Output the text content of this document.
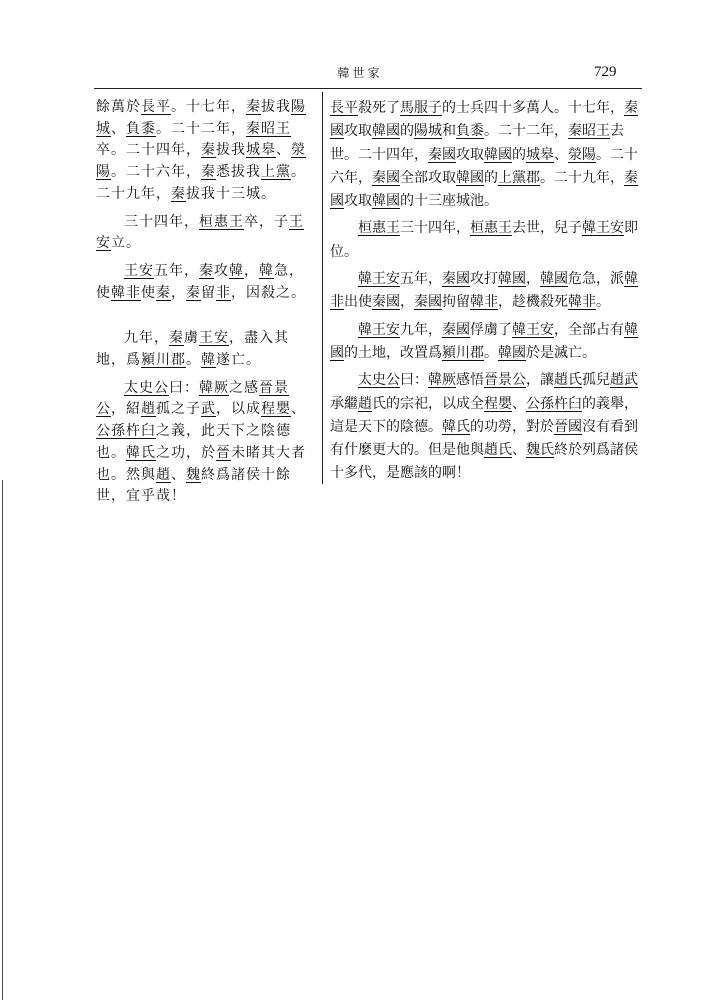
韓世家	729

餘萬於長平。十七年，秦拔我陽城、負黍。二十二年，秦昭王卒。二十四年，秦拔我城皋、滎陽。二十六年，秦悉拔我上黨。二十九年，秦拔我十三城。

三十四年，桓惠王卒，子王安立。

王安五年，秦攻韓，韓急，使韓非使秦，秦留非，因殺之。

九年，秦虜王安，盡入其地，爲潁川郡。韓遂亡。

太史公曰：韓厥之感晉景公，紹趙孤之子武，以成程嬰、公孫杵臼之義，此天下之陰德也。韓氏之功，於晉未睹其大者也。然與趙、魏終爲諸侯十餘世，宜乎哉！

長平殺死了馬服子的士兵四十多萬人。十七年，秦國攻取韓國的陽城和負黍。二十二年，秦昭王去世。二十四年，秦國攻取韓國的城皋、滎陽。二十六年，秦國全部攻取韓國的上黨郡。二十九年，秦國攻取韓國的十三座城池。

桓惠王三十四年，桓惠王去世，兒子韓王安即位。

韓王安五年，秦國攻打韓國，韓國危急，派韓非出使秦國，秦國拘留韓非，趁機殺死韓非。

韓王安九年，秦國俘虜了韓王安，全部占有韓國的土地，改置爲潁川郡。韓國於是滅亡。

太史公曰：韓厥感悟晉景公，讓趙氏孤兒趙武承繼趙氏的宗祀，以成全程嬰、公孫杵臼的義舉，這是天下的陰德。韓氏的功勞，對於晉國沒有看到有什麼更大的。但是他與趙氏、魏氏終於列爲諸侯十多代，是應該的啊！
